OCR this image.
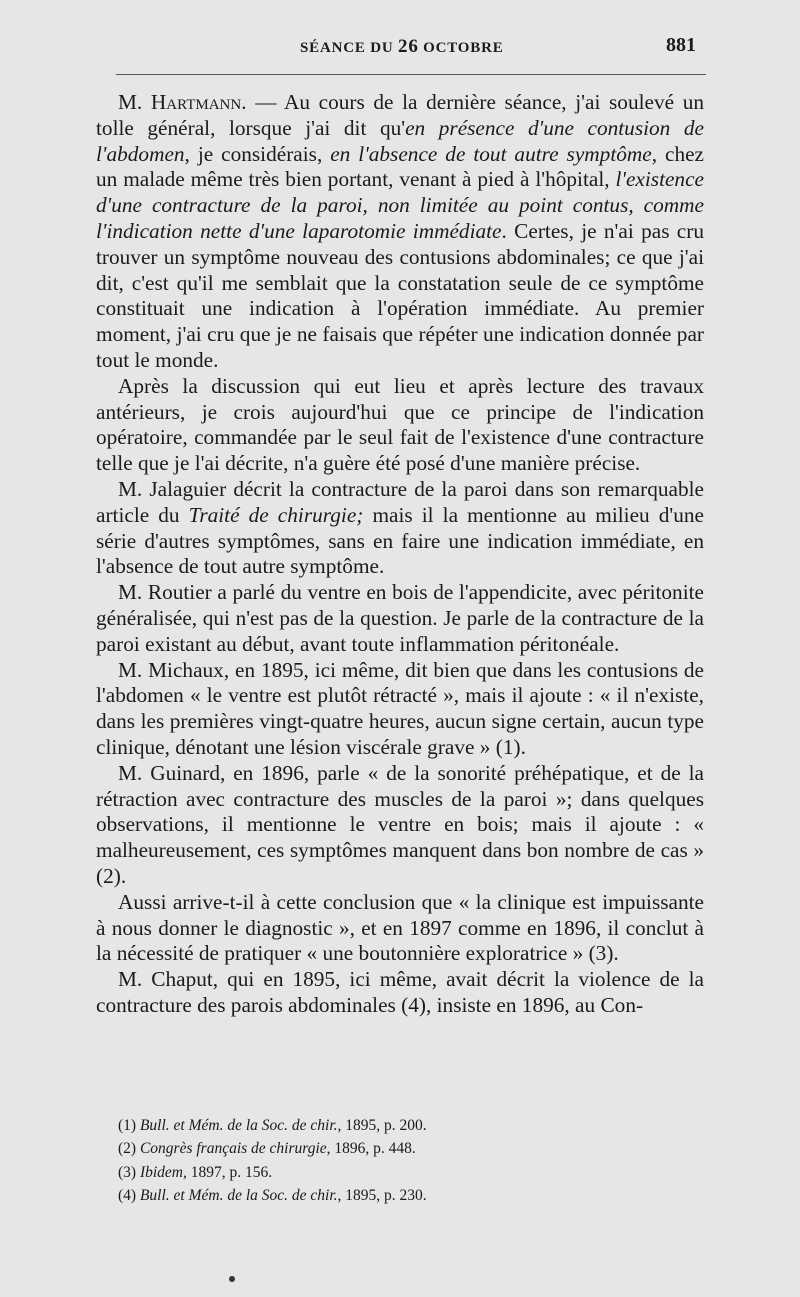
SÉANCE DU 26 OCTOBRE	881

M. Hartmann. — Au cours de la dernière séance, j'ai soulevé un tolle général, lorsque j'ai dit qu'en présence d'une contusion de l'abdomen, je considérais, en l'absence de tout autre symptôme, chez un malade même très bien portant, venant à pied à l'hôpital, l'existence d'une contracture de la paroi, non limitée au point contus, comme l'indication nette d'une laparotomie immédiate. Certes, je n'ai pas cru trouver un symptôme nouveau des contusions abdominales; ce que j'ai dit, c'est qu'il me semblait que la constatation seule de ce symptôme constituait une indication à l'opération immédiate. Au premier moment, j'ai cru que je ne faisais que répéter une indication donnée par tout le monde.

Après la discussion qui eut lieu et après lecture des travaux antérieurs, je crois aujourd'hui que ce principe de l'indication opératoire, commandée par le seul fait de l'existence d'une contracture telle que je l'ai décrite, n'a guère été posé d'une manière précise.

M. Jalaguier décrit la contracture de la paroi dans son remarquable article du Traité de chirurgie; mais il la mentionne au milieu d'une série d'autres symptômes, sans en faire une indication immédiate, en l'absence de tout autre symptôme.

M. Routier a parlé du ventre en bois de l'appendicite, avec péritonite généralisée, qui n'est pas de la question. Je parle de la contracture de la paroi existant au début, avant toute inflammation péritonéale.

M. Michaux, en 1895, ici même, dit bien que dans les contusions de l'abdomen « le ventre est plutôt rétracté », mais il ajoute : « il n'existe, dans les premières vingt-quatre heures, aucun signe certain, aucun type clinique, dénotant une lésion viscérale grave » (1).

M. Guinard, en 1896, parle « de la sonorité préhépatique, et de la rétraction avec contracture des muscles de la paroi »; dans quelques observations, il mentionne le ventre en bois; mais il ajoute : « malheureusement, ces symptômes manquent dans bon nombre de cas » (2).

Aussi arrive-t-il à cette conclusion que « la clinique est impuissante à nous donner le diagnostic », et en 1897 comme en 1896, il conclut à la nécessité de pratiquer « une boutonnière exploratrice » (3).

M. Chaput, qui en 1895, ici même, avait décrit la violence de la contracture des parois abdominales (4), insiste en 1896, au Con-

(1) Bull. et Mém. de la Soc. de chir., 1895, p. 200.
(2) Congrès français de chirurgie, 1896, p. 448.
(3) Ibidem, 1897, p. 156.
(4) Bull. et Mém. de la Soc. de chir., 1895, p. 230.
